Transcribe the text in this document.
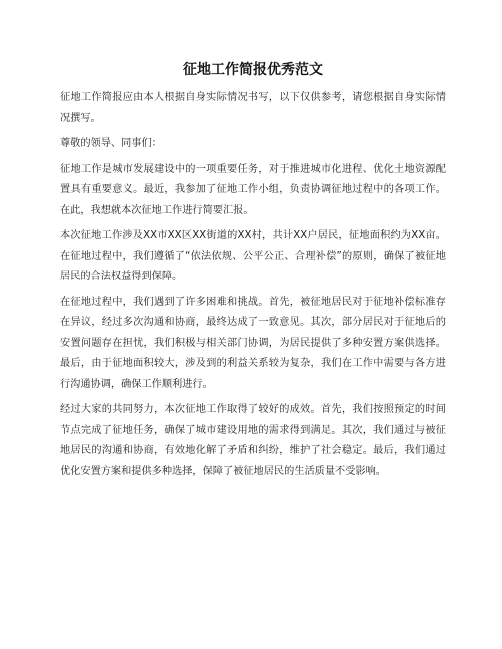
征地工作简报优秀范文

征地工作简报应由本人根据自身实际情况书写，以下仅供参考，请您根据自身实际情况撰写。

尊敬的领导、同事们：

征地工作是城市发展建设中的一项重要任务，对于推进城市化进程、优化土地资源配置具有重要意义。最近，我参加了征地工作小组，负责协调征地过程中的各项工作。在此，我想就本次征地工作进行简要汇报。

本次征地工作涉及XX市XX区XX街道的XX村，共计XX户居民，征地面积约为XX亩。在征地过程中，我们遵循了“依法依规、公平公正、合理补偿”的原则，确保了被征地居民的合法权益得到保障。

在征地过程中，我们遇到了许多困难和挑战。首先，被征地居民对于征地补偿标准存在异议，经过多次沟通和协商，最终达成了一致意见。其次，部分居民对于征地后的安置问题存在担忧，我们积极与相关部门协调，为居民提供了多种安置方案供选择。最后，由于征地面积较大，涉及到的利益关系较为复杂，我们在工作中需要与各方进行沟通协调，确保工作顺利进行。

经过大家的共同努力，本次征地工作取得了较好的成效。首先，我们按照预定的时间节点完成了征地任务，确保了城市建设用地的需求得到满足。其次，我们通过与被征地居民的沟通和协商，有效地化解了矛盾和纠纷，维护了社会稳定。最后，我们通过优化安置方案和提供多种选择，保障了被征地居民的生活质量不受影响。
